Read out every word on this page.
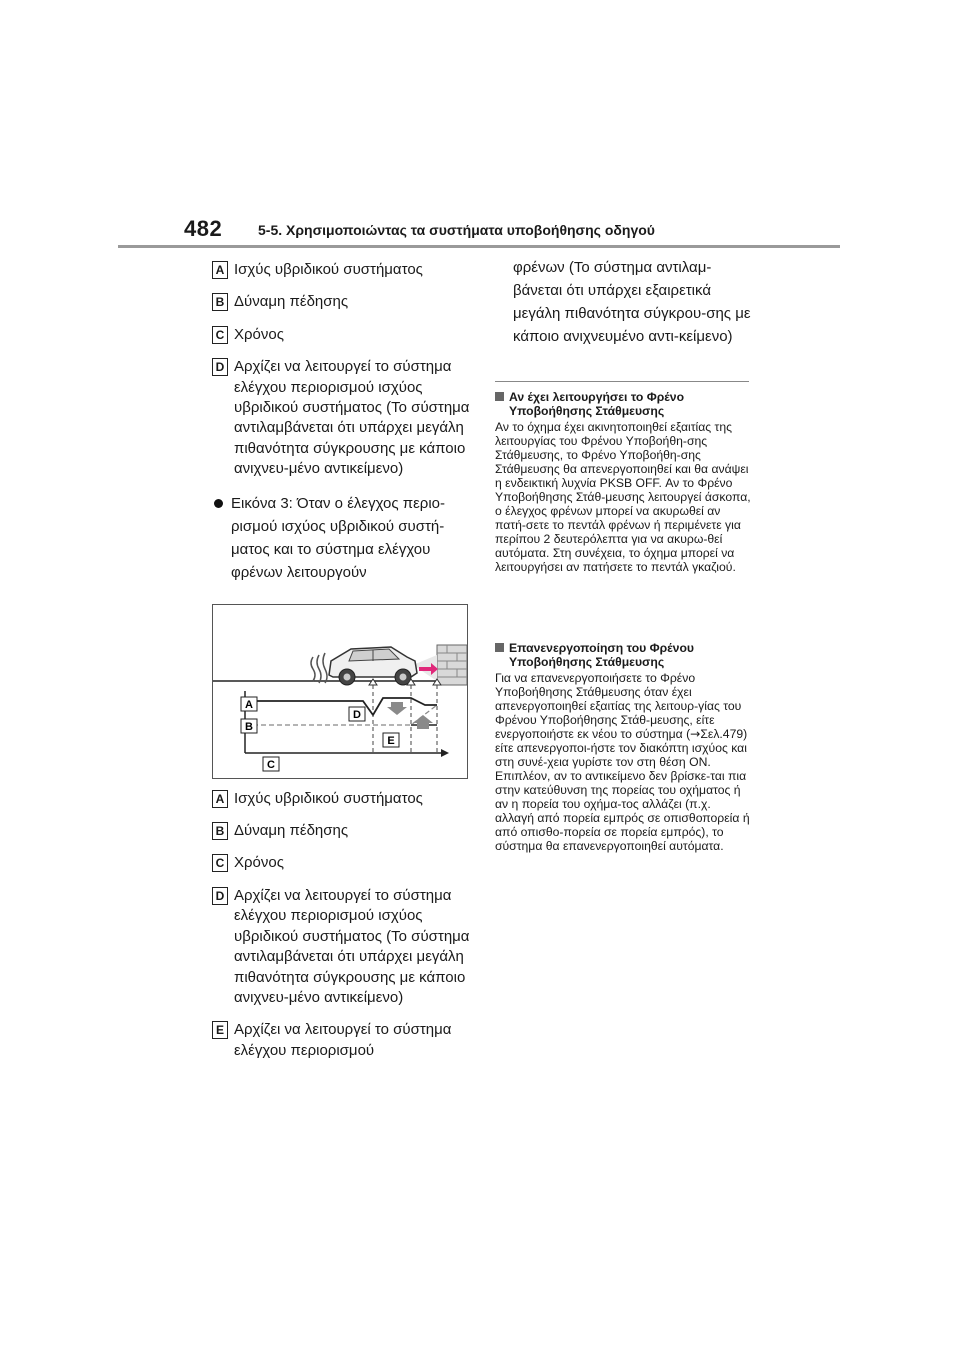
482	5-5. Χρησιμοποιώντας τα συστήματα υποβοήθησης οδηγού
A Ισχύς υβριδικού συστήματος
B Δύναμη πέδησης
C Χρόνος
D Αρχίζει να λειτουργεί το σύστημα ελέγχου περιορισμού ισχύος υβριδικού συστήματος (Το σύστημα αντιλαμβάνεται ότι υπάρχει μεγάλη πιθανότητα σύγκρουσης με κάποιο ανιχνευ-μένο αντικείμενο)
Εικόνα 3: Όταν ο έλεγχος περιο-ρισμού ισχύος υβριδικού συστή-ματος και το σύστημα ελέγχου φρένων λειτουργούν
A
B
C
D
E
A Ισχύς υβριδικού συστήματος
B Δύναμη πέδησης
C Χρόνος
D Αρχίζει να λειτουργεί το σύστημα ελέγχου περιορισμού ισχύος υβριδικού συστήματος (Το σύστημα αντιλαμβάνεται ότι υπάρχει μεγάλη πιθανότητα σύγκρουσης με κάποιο ανιχνευ-μένο αντικείμενο)
E Αρχίζει να λειτουργεί το σύστημα ελέγχου περιορισμού
φρένων (Το σύστημα αντιλαμ-βάνεται ότι υπάρχει εξαιρετικά μεγάλη πιθανότητα σύγκρου-σης με κάποιο ανιχνευμένο αντι-κείμενο)
Αν έχει λειτουργήσει το Φρένο Υποβοήθησης Στάθμευσης
Αν το όχημα έχει ακινητοποιηθεί εξαιτίας της λειτουργίας του Φρένου Υποβοήθη-σης Στάθμευσης, το Φρένο Υποβοήθη-σης Στάθμευσης θα απενεργοποιηθεί και θα ανάψει η ενδεικτική λυχνία PKSB OFF. Αν το Φρένο Υποβοήθησης Στάθ-μευσης λειτουργεί άσκοπα, ο έλεγχος φρένων μπορεί να ακυρωθεί αν πατή-σετε το πεντάλ φρένων ή περιμένετε για περίπου 2 δευτερόλεπτα για να ακυρω-θεί αυτόματα. Στη συνέχεια, το όχημα μπορεί να λειτουργήσει αν πατήσετε το πεντάλ γκαζιού.
Επανενεργοποίηση του Φρένου Υποβοήθησης Στάθμευσης
Για να επανενεργοποιήσετε το Φρένο Υποβοήθησης Στάθμευσης όταν έχει απενεργοποιηθεί εξαιτίας της λειτουρ-γίας του Φρένου Υποβοήθησης Στάθ-μευσης, είτε ενεργοποιήστε εκ νέου το σύστημα (→Σελ.479) είτε απενεργοποι-ήστε τον διακόπτη ισχύος και στη συνέ-χεια γυρίστε τον στη θέση ON. Επιπλέον, αν το αντικείμενο δεν βρίσκε-ται πια στην κατεύθυνση της πορείας του οχήματος ή αν η πορεία του οχήμα-τος αλλάζει (π.χ. αλλαγή από πορεία εμπρός σε οπισθοπορεία ή από οπισθο-πορεία σε πορεία εμπρός), το σύστημα θα επανενεργοποιηθεί αυτόματα.
